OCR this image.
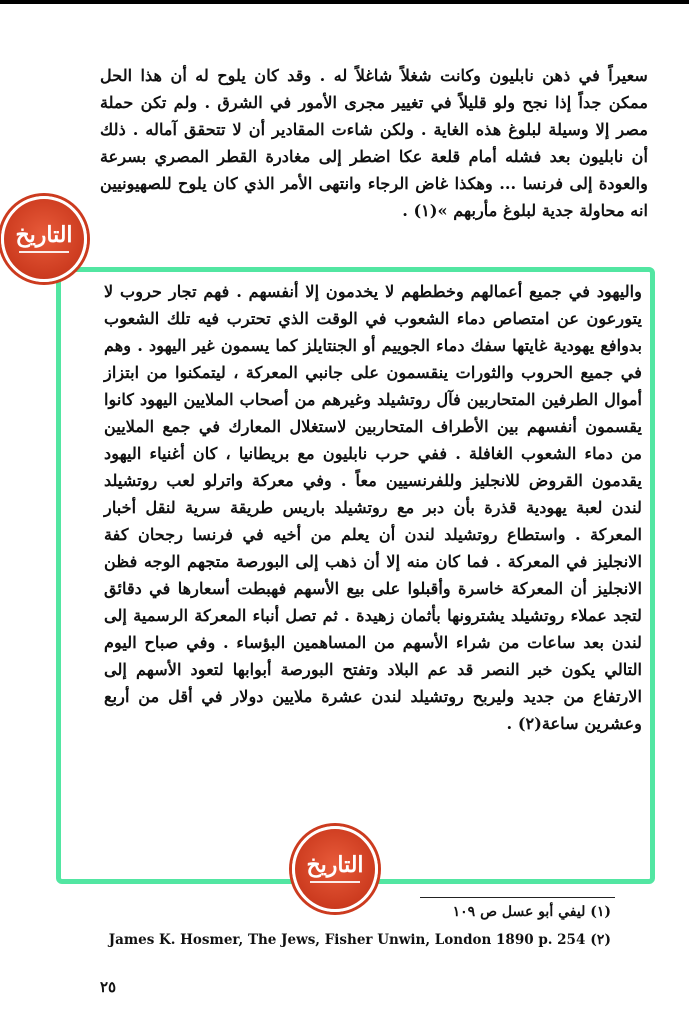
سعيراً في ذهن نابليون وكانت شغلاً شاغلاً له . وقد كان يلوح له أن هذا الحل ممكن جداً إذا نجح ولو قليلاً في تغيير مجرى الأمور في الشرق . ولم تكن حملة مصر إلا وسيلة لبلوغ هذه الغاية . ولكن شاءت المقادير أن لا تتحقق آماله . ذلك أن نابليون بعد فشله أمام قلعة عكا اضطر إلى مغادرة القطر المصري بسرعة والعودة إلى فرنسا ... وهكذا غاض الرجاء وانتهى الأمر الذي كان يلوح للصهيونيين انه محاولة جدية لبلوغ مأربهم »(١) .

واليهود في جميع أعمالهم وخططهم لا يخدمون إلا أنفسهم . فهم تجار حروب لا يتورعون عن امتصاص دماء الشعوب في الوقت الذي تحترب فيه تلك الشعوب بدوافع يهودية غايتها سفك دماء الجوييم أو الجنتايلز كما يسمون غير اليهود . وهم في جميع الحروب والثورات ينقسمون على جانبي المعركة ، ليتمكنوا من ابتزاز أموال الطرفين المتحاربين فآل روتشيلد وغيرهم من أصحاب الملايين اليهود كانوا يقسمون أنفسهم بين الأطراف المتحاربين لاستغلال المعارك في جمع الملايين من دماء الشعوب الغافلة . ففي حرب نابليون مع بريطانيا ، كان أغنياء اليهود يقدمون القروض للانجليز وللفرنسيين معاً . وفي معركة واترلو لعب روتشيلد لندن لعبة يهودية قذرة بأن دبر مع روتشيلد باريس طريقة سرية لنقل أخبار المعركة . واستطاع روتشيلد لندن أن يعلم من أخيه في فرنسا رجحان كفة الانجليز في المعركة . فما كان منه إلا أن ذهب إلى البورصة متجهم الوجه فظن الانجليز أن المعركة خاسرة وأقبلوا على بيع الأسهم فهبطت أسعارها في دقائق لتجد عملاء روتشيلد يشترونها بأثمان زهيدة . ثم تصل أنباء المعركة الرسمية إلى لندن بعد ساعات من شراء الأسهم من المساهمين البؤساء . وفي صباح اليوم التالي يكون خبر النصر قد عم البلاد وتفتح البورصة أبوابها لتعود الأسهم إلى الارتفاع من جديد وليربح روتشيلد لندن عشرة ملايين دولار في أقل من أربع وعشرين ساعة(٢) .

التاريخ
التاريخ
(١) ليفي أبو عسل ص ١٠٩
(٢) James K. Hosmer, The Jews, Fisher Unwin, London 1890 p. 254
٢٥
